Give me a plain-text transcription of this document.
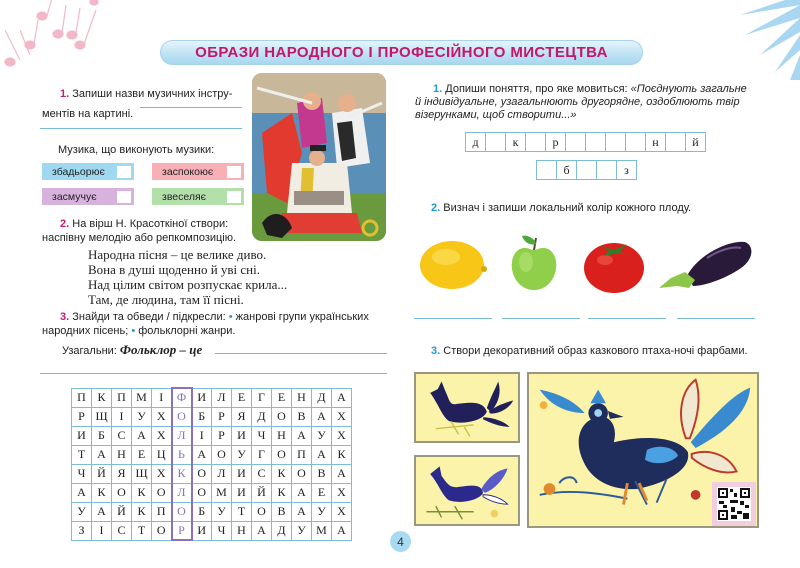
ОБРАЗИ НАРОДНОГО І ПРОФЕСІЙНОГО МИСТЕЦТВА
1. Запиши назви музичних інстру-
ментів на картині.
Музика, що виконують музики:
збадьорює	заспокоює
засмучує	звеселяє
2. На вірш Н. Красоткіної створи:
наспівну мелодію або репкомпозицію.
Народна пісня – це велике диво.
Вона в душі щоденно й уві сні.
Над цілим світом розпускає крила...
Там, де людина, там її пісні.
3. Знайди та обведи / підкресли: • жанрові групи українських
народних пісень; • фольклорні жанри.
Узагальни: Фольклор – це
П	К	П	М	І	Ф	И	Л	Е	Г	Е	Н	Д	А
Р	Щ	І	У	Х	О	Б	Р	Я	Д	О	В	А	Х
И	Б	С	А	Х	Л	І	Р	И	Ч	Н	А	У	Х
Т	А	Н	Е	Ц	Ь	А	О	У	Г	О	П	А	К
Ч	Й	Я	Щ	Х	К	О	Л	И	С	К	О	В	А
А	К	О	К	О	Л	О	М	И	Й	К	А	Е	Х
У	А	Й	К	П	О	Б	У	Т	О	В	А	У	Х
З	І	С	Т	О	Р	И	Ч	Н	А	Д	У	М	А
1. Допиши поняття, про яке мовиться: «Поєднують загальне
й індивідуальне, узагальнюють другорядне, оздоблюють твір
візерунками, щоб створити...»
д		к		р					н		й
	б			з
2. Визнач і запиши локальний колір кожного плоду.
3. Створи декоративний образ казкового птаха-ночі фарбами.
4
